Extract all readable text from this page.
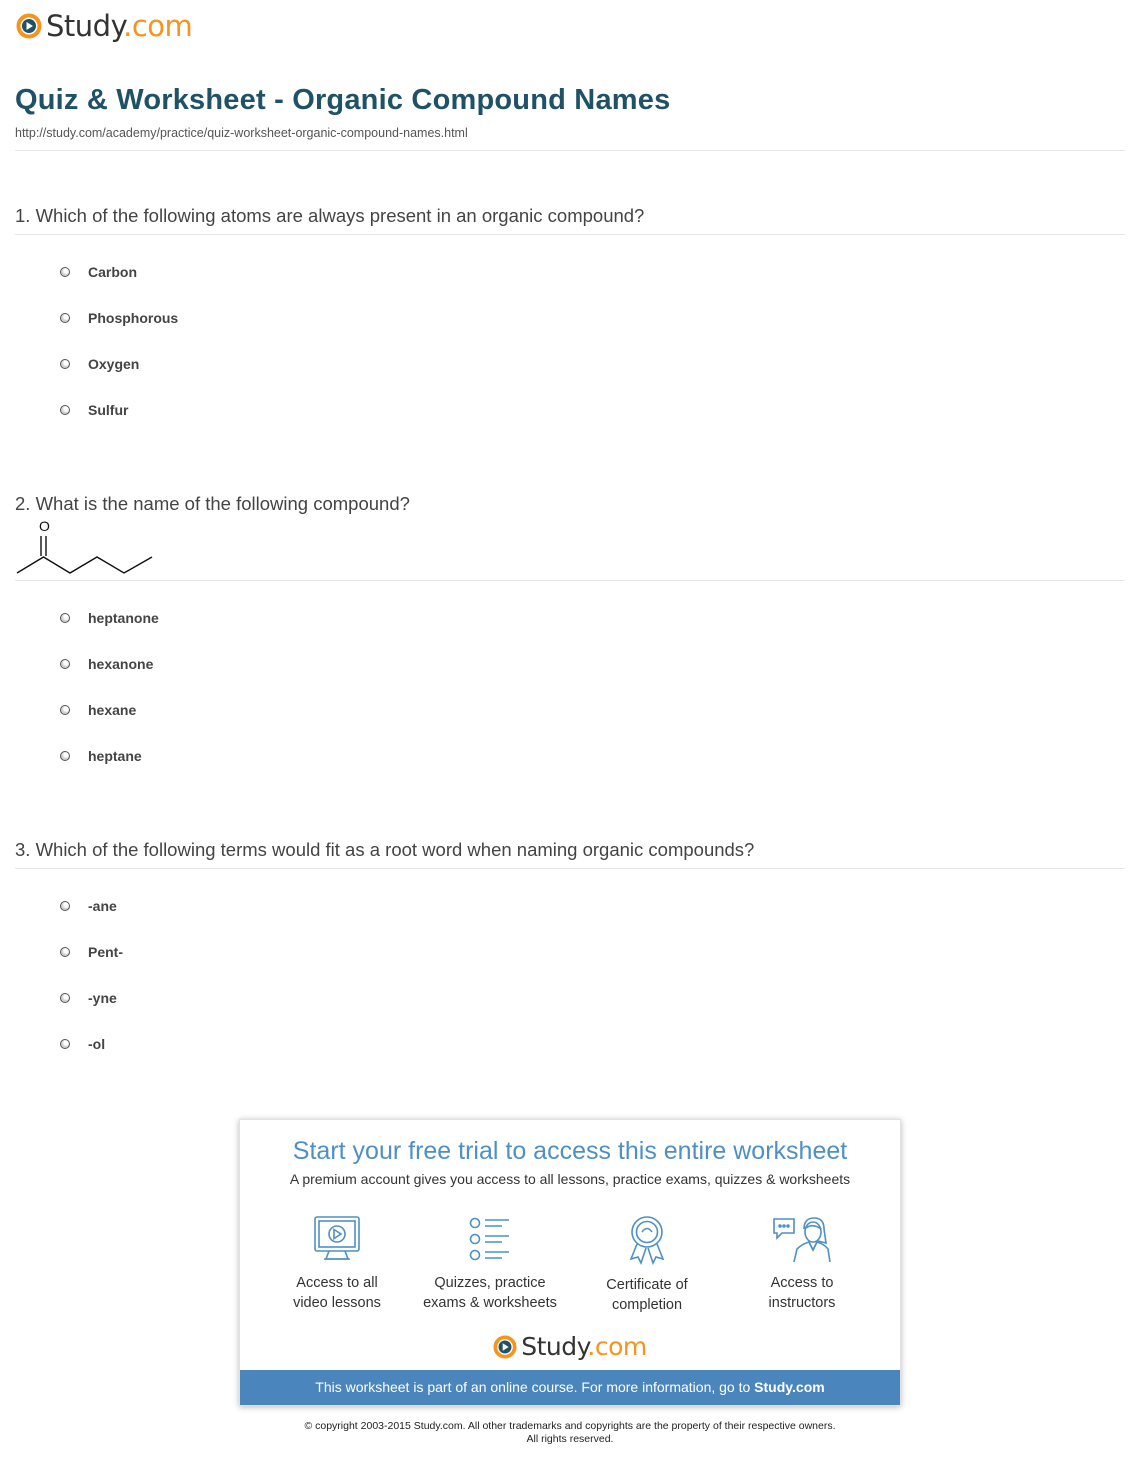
Study.com
Quiz & Worksheet - Organic Compound Names
http://study.com/academy/practice/quiz-worksheet-organic-compound-names.html
1. Which of the following atoms are always present in an organic compound?
Carbon
Phosphorous
Oxygen
Sulfur
2. What is the name of the following compound?
O
heptanone
hexanone
hexane
heptane
3. Which of the following terms would fit as a root word when naming organic compounds?
-ane
Pent-
-yne
-ol
Start your free trial to access this entire worksheet
A premium account gives you access to all lessons, practice exams, quizzes & worksheets
Access to all
video lessons
Quizzes, practice
exams & worksheets
Certificate of
completion
Access to
instructors
Study.com
This worksheet is part of an online course. For more information, go to Study.com
© copyright 2003-2015 Study.com. All other trademarks and copyrights are the property of their respective owners.
All rights reserved.
